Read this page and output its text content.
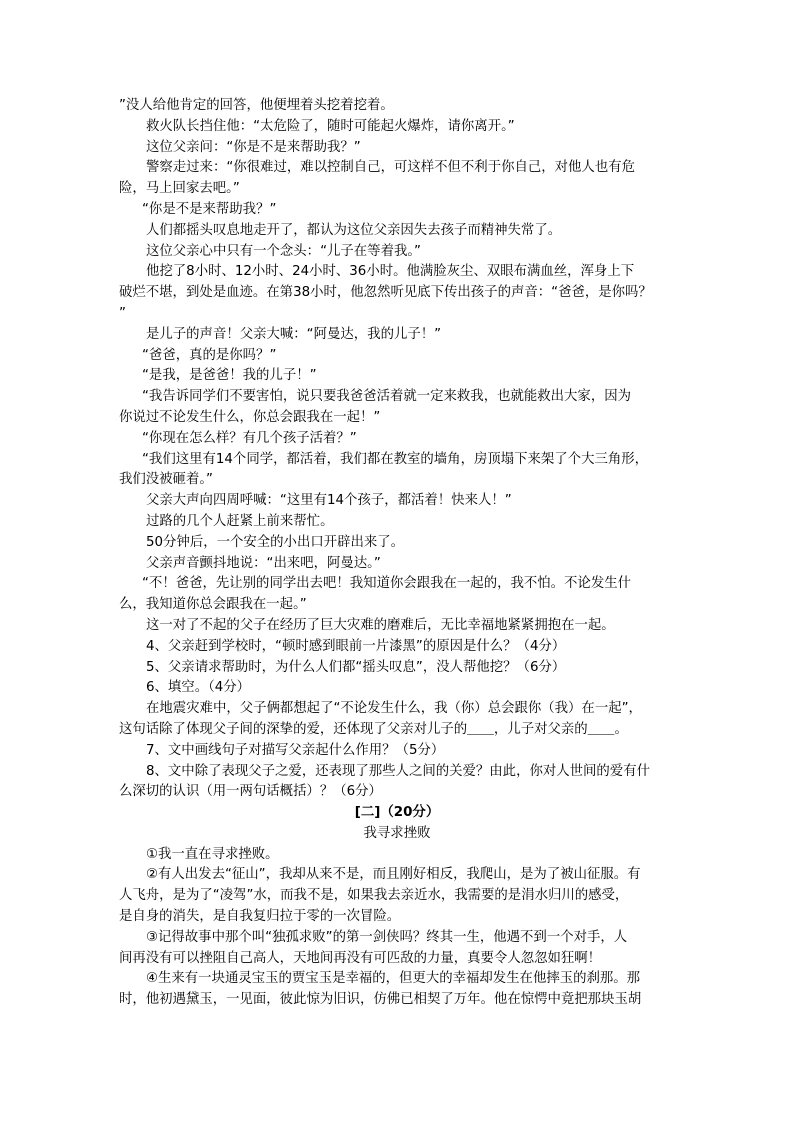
”没人给他肯定的回答，他便埋着头挖着挖着。
救火队长挡住他：“太危险了，随时可能起火爆炸，请你离开。”
这位父亲问：“你是不是来帮助我？”
警察走过来：“你很难过，难以控制自己，可这样不但不利于你自己，对他人也有危
险，马上回家去吧。”
“你是不是来帮助我？”
人们都摇头叹息地走开了，都认为这位父亲因失去孩子而精神失常了。
这位父亲心中只有一个念头：“儿子在等着我。”
他挖了8小时、12小时、24小时、36小时。他满脸灰尘、双眼布满血丝，浑身上下
破烂不堪，到处是血迹。在第38小时，他忽然听见底下传出孩子的声音：“爸爸，是你吗？
”
是儿子的声音！父亲大喊：“阿曼达，我的儿子！”
“爸爸，真的是你吗？”
“是我，是爸爸！我的儿子！”
“我告诉同学们不要害怕，说只要我爸爸活着就一定来救我，也就能救出大家，因为
你说过不论发生什么，你总会跟我在一起！”
“你现在怎么样？有几个孩子活着？”
“我们这里有14个同学，都活着，我们都在教室的墙角，房顶塌下来架了个大三角形，
我们没被砸着。”
父亲大声向四周呼喊：“这里有14个孩子，都活着！快来人！”
过路的几个人赶紧上前来帮忙。
50分钟后，一个安全的小出口开辟出来了。
父亲声音颤抖地说：“出来吧，阿曼达。”
“不！爸爸，先让别的同学出去吧！我知道你会跟我在一起的，我不怕。不论发生什
么，我知道你总会跟我在一起。”
这一对了不起的父子在经历了巨大灾难的磨难后，无比幸福地紧紧拥抱在一起。
4、父亲赶到学校时，“顿时感到眼前一片漆黑”的原因是什么？（4分）
5、父亲请求帮助时，为什么人们都“摇头叹息”，没人帮他挖？（6分）
6、填空。（4分）
在地震灾难中，父子俩都想起了“不论发生什么，我（你）总会跟你（我）在一起”，
这句话除了体现父子间的深挚的爱，还体现了父亲对儿子的＿＿，儿子对父亲的＿＿。
7、文中画线句子对描写父亲起什么作用？（5分）
8、文中除了表现父子之爱，还表现了那些人之间的关爱？由此，你对人世间的爱有什
么深切的认识（用一两句话概括）？（6分）
[二]（20分）
我寻求挫败
①我一直在寻求挫败。
②有人出发去“征山”，我却从来不是，而且刚好相反，我爬山，是为了被山征服。有
人飞舟，是为了“凌驾”水，而我不是，如果我去亲近水，我需要的是涓水归川的感受，
是自身的消失，是自我复归拉于零的一次冒险。
③记得故事中那个叫“独孤求败”的第一剑侠吗？终其一生，他遇不到一个对手，人
间再没有可以挫阻自己高人，天地间再没有可匹敌的力量，真要令人忽忽如狂啊！
④生来有一块通灵宝玉的贾宝玉是幸福的，但更大的幸福却发生在他摔玉的刹那。那
时，他初遇黛玉，一见面，彼此惊为旧识，仿佛已相契了万年。他在惊愕中竟把那块玉胡
